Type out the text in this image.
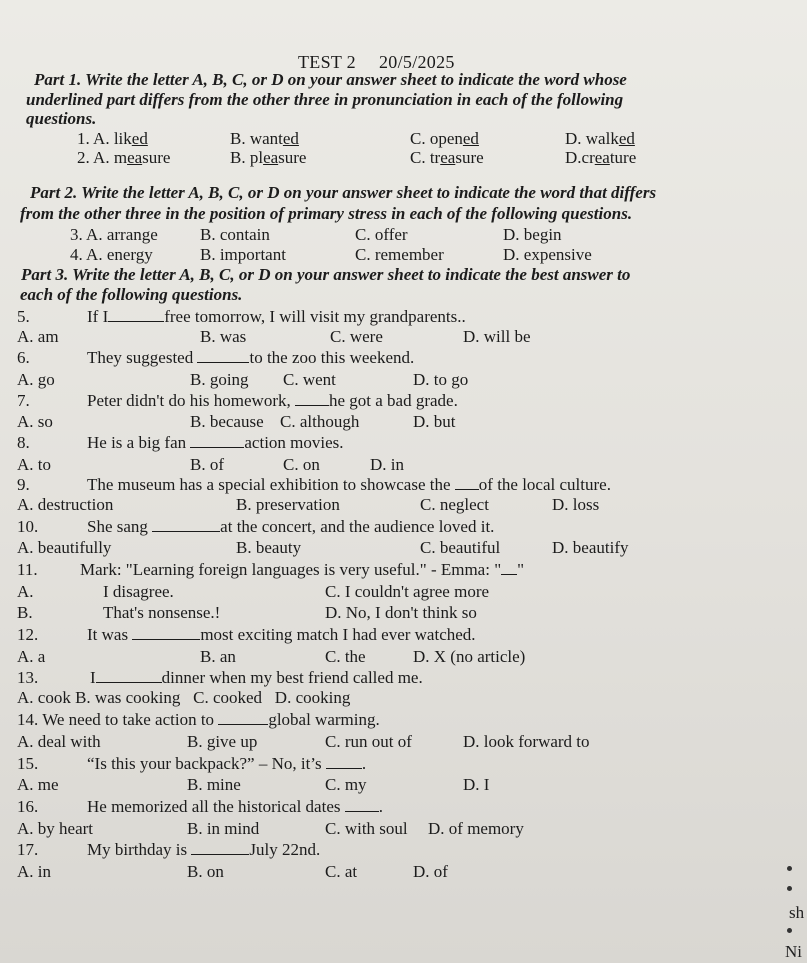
TEST 2 20/5/2025
Part 1. Write the letter A, B, C, or D on your answer sheet to indicate the word whose
underlined part differs from the other three in pronunciation in each of the following
questions.
1. A. liked	B. wanted	C. opened	D. walked
2. A. measure	B. pleasure	C. treasure	D.creature
Part 2. Write the letter A, B, C, or D on your answer sheet to indicate the word that differs
from the other three in the position of primary stress in each of the following questions.
3. A. arrange B. contain	C. offer	D. begin
4. A. energy	B. important	C. remember	D. expensive
Part 3. Write the letter A, B, C, or D on your answer sheet to indicate the best answer to
each of the following questions.
5.	If I	free tomorrow, I will visit my grandparents..
A. am	B. was	C. were	D. will be
6.	They suggested	to the zoo this weekend.
A. go	B. going C. went	D. to go
7.	Peter didn't do his homework, he got a bad grade.
A. so	B. because C. although	D. but
8.	He is a big fan	action movies.
A. to	B. of	C. on	D. in
9.	The museum has a special exhibition to showcase the of the local culture.
A. destruction	B. preservation	C. neglect	D. loss
10.	She sang	at the concert, and the audience loved it.
A. beautifully	B. beauty	C. beautiful	D. beautify
11. Mark: "Learning foreign languages is very useful." - Emma: " "
A.	I disagree.	C. I couldn't agree more
B.	That's nonsense.!	D. No, I don't think so
12.	It was	most exciting match I had ever watched.
A. a	B. an	C. the	D. X (no article)
13.	I	dinner when my best friend called me.
A. cook B. was cooking   C. cooked   D. cooking
14. We need to take action to	global warming.
A. deal with	B. give up	C. run out of	D. look forward to
15.	“Is this your backpack?” – No, it’s .
A. me	B. mine	C. my	D. I
16.	He memorized all the historical dates .
A. by heart	B. in mind	C. with soul D. of memory
17.	My birthday is	July 22nd.
A. in	B. on	C. at	D. of
sh
Ni
